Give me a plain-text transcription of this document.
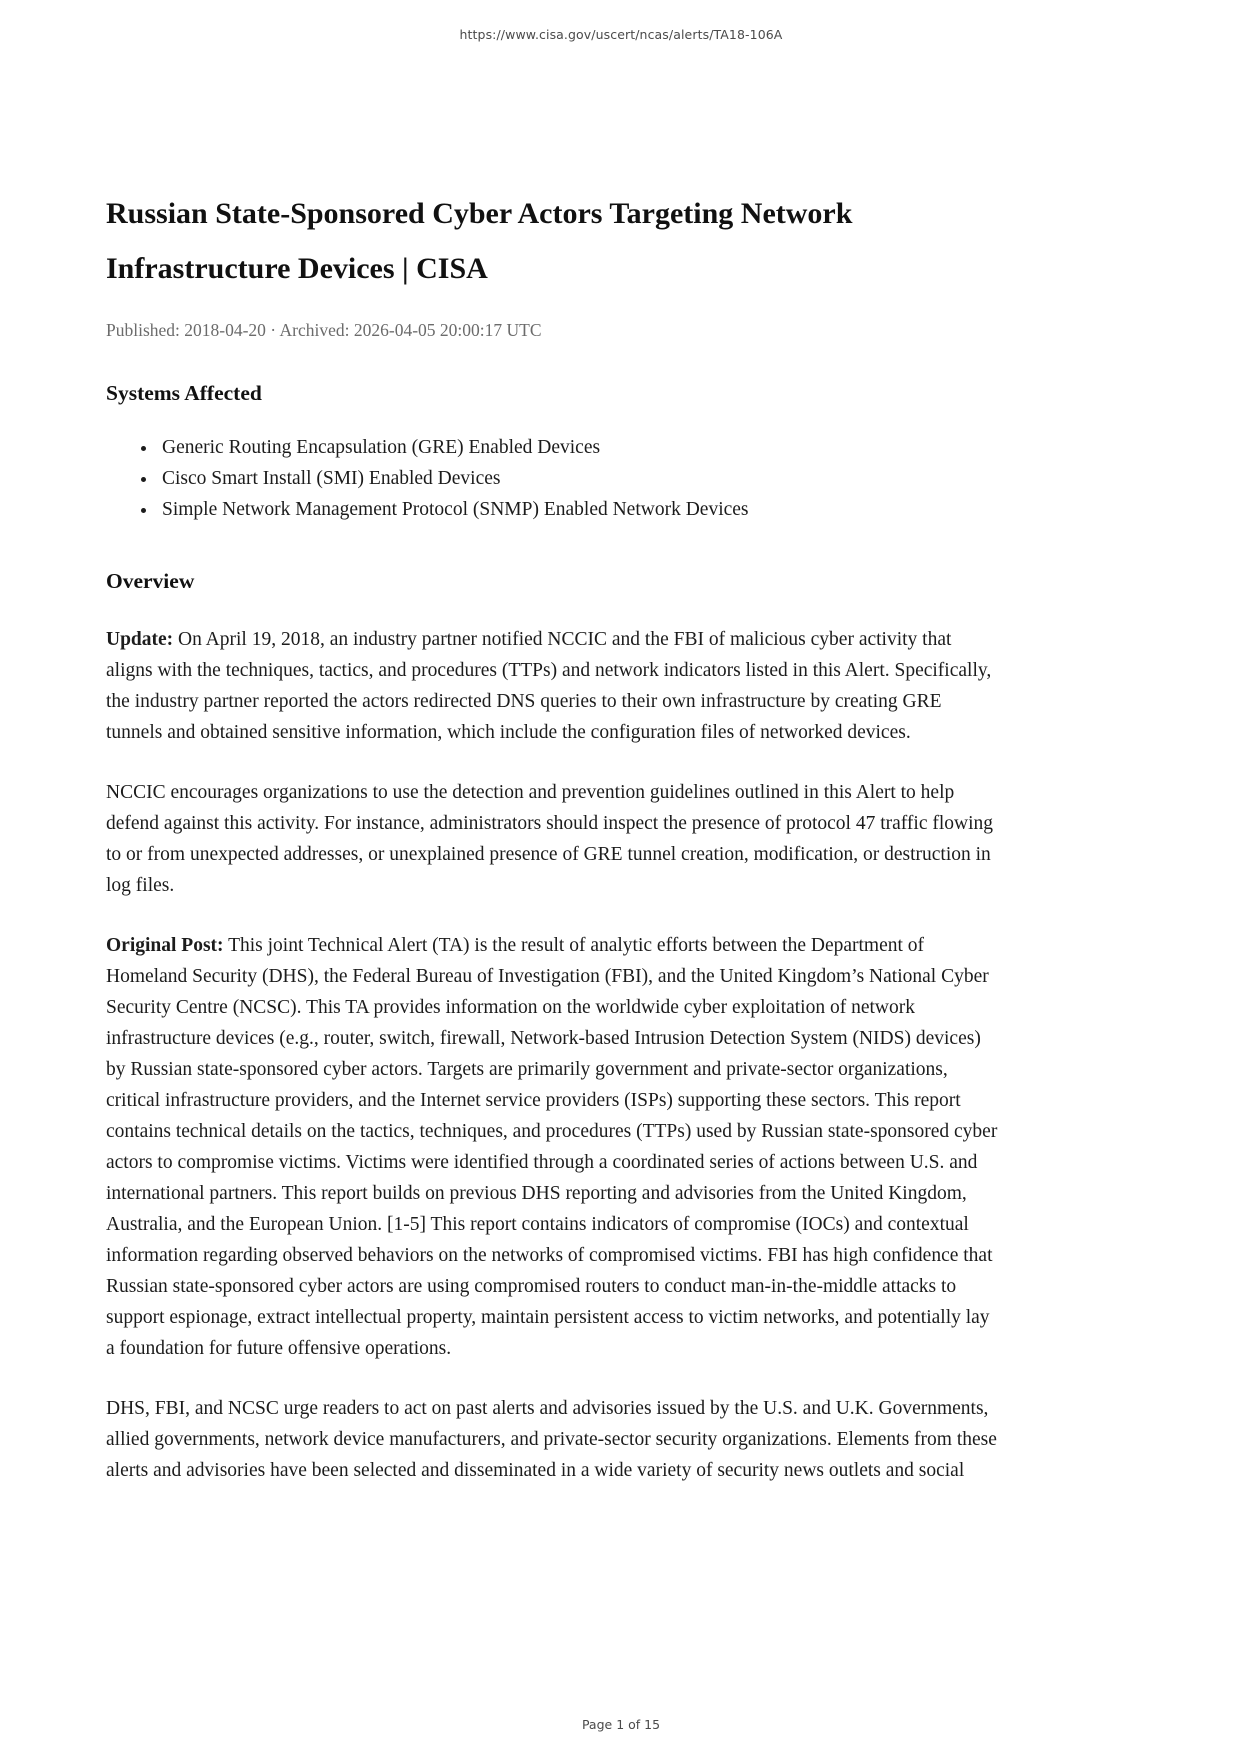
https://www.cisa.gov/uscert/ncas/alerts/TA18-106A
Russian State-Sponsored Cyber Actors Targeting Network Infrastructure Devices | CISA

Published: 2018-04-20 · Archived: 2026-04-05 20:00:17 UTC

Systems Affected
• Generic Routing Encapsulation (GRE) Enabled Devices
• Cisco Smart Install (SMI) Enabled Devices
• Simple Network Management Protocol (SNMP) Enabled Network Devices
Overview

Update: On April 19, 2018, an industry partner notified NCCIC and the FBI of malicious cyber activity that aligns with the techniques, tactics, and procedures (TTPs) and network indicators listed in this Alert. Specifically, the industry partner reported the actors redirected DNS queries to their own infrastructure by creating GRE tunnels and obtained sensitive information, which include the configuration files of networked devices.

NCCIC encourages organizations to use the detection and prevention guidelines outlined in this Alert to help defend against this activity. For instance, administrators should inspect the presence of protocol 47 traffic flowing to or from unexpected addresses, or unexplained presence of GRE tunnel creation, modification, or destruction in log files.

Original Post: This joint Technical Alert (TA) is the result of analytic efforts between the Department of Homeland Security (DHS), the Federal Bureau of Investigation (FBI), and the United Kingdom’s National Cyber Security Centre (NCSC). This TA provides information on the worldwide cyber exploitation of network infrastructure devices (e.g., router, switch, firewall, Network-based Intrusion Detection System (NIDS) devices) by Russian state-sponsored cyber actors. Targets are primarily government and private-sector organizations, critical infrastructure providers, and the Internet service providers (ISPs) supporting these sectors. This report contains technical details on the tactics, techniques, and procedures (TTPs) used by Russian state-sponsored cyber actors to compromise victims. Victims were identified through a coordinated series of actions between U.S. and international partners. This report builds on previous DHS reporting and advisories from the United Kingdom, Australia, and the European Union. [1-5] This report contains indicators of compromise (IOCs) and contextual information regarding observed behaviors on the networks of compromised victims. FBI has high confidence that Russian state-sponsored cyber actors are using compromised routers to conduct man-in-the-middle attacks to support espionage, extract intellectual property, maintain persistent access to victim networks, and potentially lay a foundation for future offensive operations.

DHS, FBI, and NCSC urge readers to act on past alerts and advisories issued by the U.S. and U.K. Governments, allied governments, network device manufacturers, and private-sector security organizations. Elements from these alerts and advisories have been selected and disseminated in a wide variety of security news outlets and social

Page 1 of 15
